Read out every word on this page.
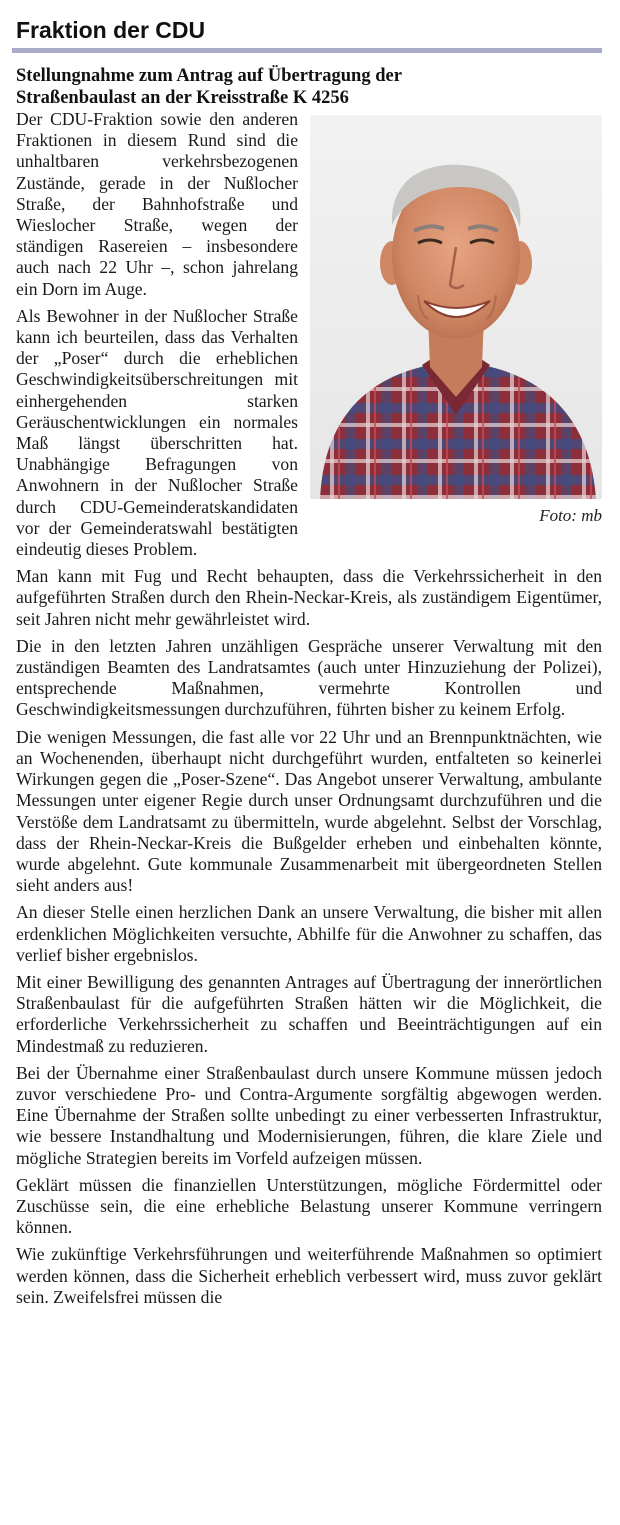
Fraktion der CDU
Stellungnahme zum Antrag auf Übertragung der
Straßenbaulast an der Kreisstraße K 4256
Foto: mb

Der CDU-Fraktion sowie den anderen Fraktionen in diesem Rund sind die unhaltbaren verkehrsbezogenen Zustände, gerade in der Nußlocher Straße, der Bahnhofstraße und Wieslocher Straße, wegen der ständigen Rasereien – insbesondere auch nach 22 Uhr –, schon jahrelang ein Dorn im Auge.

Als Bewohner in der Nußlocher Straße kann ich beurteilen, dass das Verhalten der „Poser“ durch die erheblichen Geschwindigkeitsüberschreitungen mit einhergehenden starken Geräuschentwicklungen ein normales Maß längst überschritten hat. Unabhängige Befragungen von Anwohnern in der Nußlocher Straße durch CDU-Gemeinderatskandidaten vor der Gemeinderatswahl bestätigten eindeutig dieses Problem.

Man kann mit Fug und Recht behaupten, dass die Verkehrssicherheit in den aufgeführten Straßen durch den Rhein-Neckar-Kreis, als zuständigem Eigentümer, seit Jahren nicht mehr gewährleistet wird.

Die in den letzten Jahren unzähligen Gespräche unserer Verwaltung mit den zuständigen Beamten des Landratsamtes (auch unter Hinzuziehung der Polizei), entsprechende Maßnahmen, vermehrte Kontrollen und Geschwindigkeitsmessungen durchzuführen, führten bisher zu keinem Erfolg.

Die wenigen Messungen, die fast alle vor 22 Uhr und an Brennpunktnächten, wie an Wochenenden, überhaupt nicht durchgeführt wurden, entfalteten so keinerlei Wirkungen gegen die „Poser-Szene“. Das Angebot unserer Verwaltung, ambulante Messungen unter eigener Regie durch unser Ordnungsamt durchzuführen und die Verstöße dem Landratsamt zu übermitteln, wurde abgelehnt. Selbst der Vorschlag, dass der Rhein-Neckar-Kreis die Bußgelder erheben und einbehalten könnte, wurde abgelehnt. Gute kommunale Zusammenarbeit mit übergeordneten Stellen sieht anders aus!

An dieser Stelle einen herzlichen Dank an unsere Verwaltung, die bisher mit allen erdenklichen Möglichkeiten versuchte, Abhilfe für die Anwohner zu schaffen, das verlief bisher ergebnislos.

Mit einer Bewilligung des genannten Antrages auf Übertragung der innerörtlichen Straßenbaulast für die aufgeführten Straßen hätten wir die Möglichkeit, die erforderliche Verkehrssicherheit zu schaffen und Beeinträchtigungen auf ein Mindestmaß zu reduzieren.

Bei der Übernahme einer Straßenbaulast durch unsere Kommune müssen jedoch zuvor verschiedene Pro- und Contra-Argumente sorgfältig abgewogen werden. Eine Übernahme der Straßen sollte unbedingt zu einer verbesserten Infrastruktur, wie bessere Instandhaltung und Modernisierungen, führen, die klare Ziele und mögliche Strategien bereits im Vorfeld aufzeigen müssen.

Geklärt müssen die finanziellen Unterstützungen, mögliche Fördermittel oder Zuschüsse sein, die eine erhebliche Belastung unserer Kommune verringern können.

Wie zukünftige Verkehrsführungen und weiterführende Maßnahmen so optimiert werden können, dass die Sicherheit erheblich verbessert wird, muss zuvor geklärt sein. Zweifelsfrei müssen die
